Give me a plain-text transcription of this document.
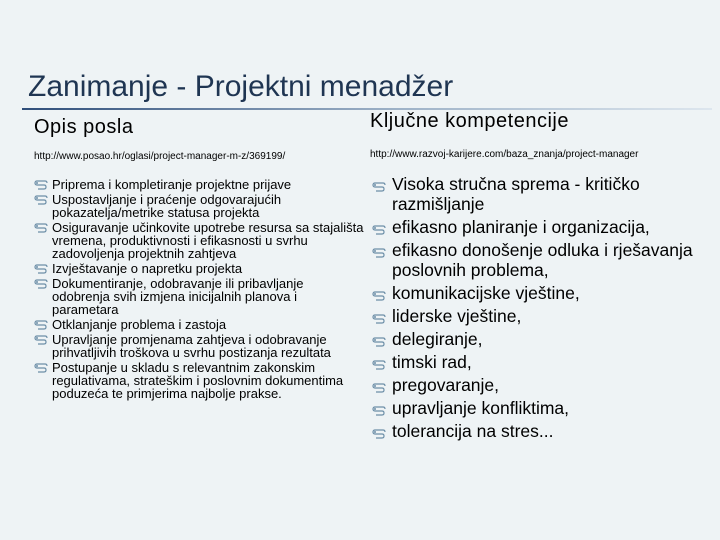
Zanimanje - Projektni menadžer
Opis posla
http://www.posao.hr/oglasi/project-manager-m-z/369199/
Priprema i kompletiranje projektne prijave
Uspostavljanje i praćenje odgovarajućih pokazatelja/metrike statusa projekta
Osiguravanje učinkovite upotrebe resursa sa stajališta vremena, produktivnosti i efikasnosti u svrhu zadovoljenja projektnih zahtjeva
Izvještavanje o napretku projekta
Dokumentiranje, odobravanje ili pribavljanje odobrenja svih izmjena inicijalnih planova i parametara
Otklanjanje problema i zastoja
Upravljanje promjenama zahtjeva i odobravanje prihvatljivih troškova u svrhu postizanja rezultata
Postupanje u skladu s relevantnim zakonskim regulativama, strateškim i poslovnim dokumentima poduzeća te primjerima najbolje prakse.
Ključne kompetencije
http://www.razvoj-karijere.com/baza_znanja/project-manager
Visoka stručna sprema - kritičko razmišljanje
efikasno planiranje i organizacija,
efikasno donošenje odluka i rješavanja poslovnih problema,
komunikacijske vještine,
liderske vještine,
delegiranje,
timski rad,
pregovaranje,
upravljanje konfliktima,
tolerancija na stres...
